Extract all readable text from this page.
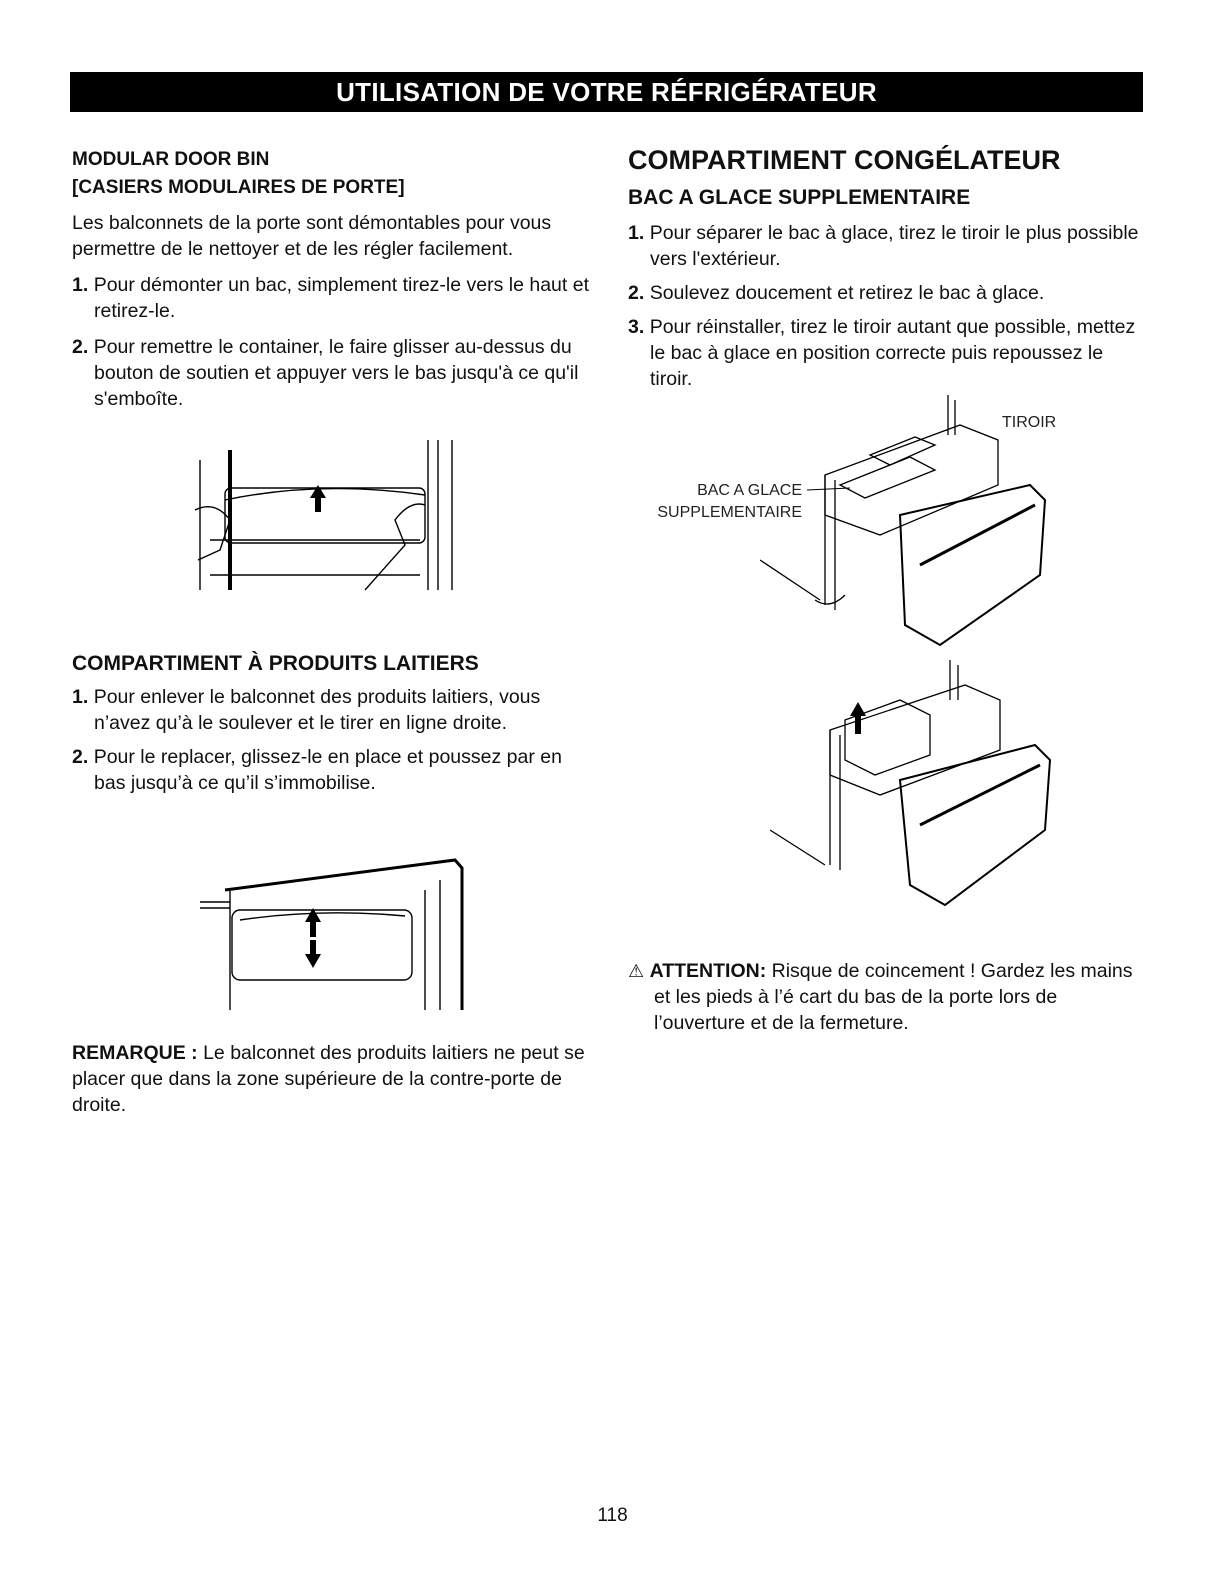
UTILISATION DE VOTRE RÉFRIGÉRATEUR
MODULAR DOOR BIN
[CASIERS MODULAIRES DE PORTE]

Les balconnets de la porte sont démontables pour vous permettre de le nettoyer et de les régler facilement.

1. Pour démonter un bac, simplement tirez-le vers le haut et retirez-le.

2. Pour remettre le container, le faire glisser au-dessus du bouton de soutien et appuyer vers le bas jusqu'à ce qu'il s'emboîte.

COMPARTIMENT À PRODUITS LAITIERS

1. Pour enlever le balconnet des produits laitiers, vous n’avez qu’à le soulever et le tirer en ligne droite.

2. Pour le replacer, glissez-le en place et poussez par en bas jusqu’à ce qu’il s’immobilise.

REMARQUE : Le balconnet des produits laitiers ne peut se placer que dans la zone supérieure de la contre-porte de droite.

COMPARTIMENT CONGÉLATEUR
BAC A GLACE SUPPLEMENTAIRE

1. Pour séparer le bac à glace, tirez le tiroir le plus possible vers l'extérieur.

2. Soulevez doucement et retirez le bac à glace.

3. Pour réinstaller, tirez le tiroir autant que possible, mettez le bac à glace en position correcte puis repoussez le tiroir.

TIROIR
BAC A GLACE
SUPPLEMENTAIRE

⚠ ATTENTION: Risque de coincement ! Gardez les mains et les pieds à l’é cart du bas de la porte lors de l’ouverture et de la fermeture.

118
